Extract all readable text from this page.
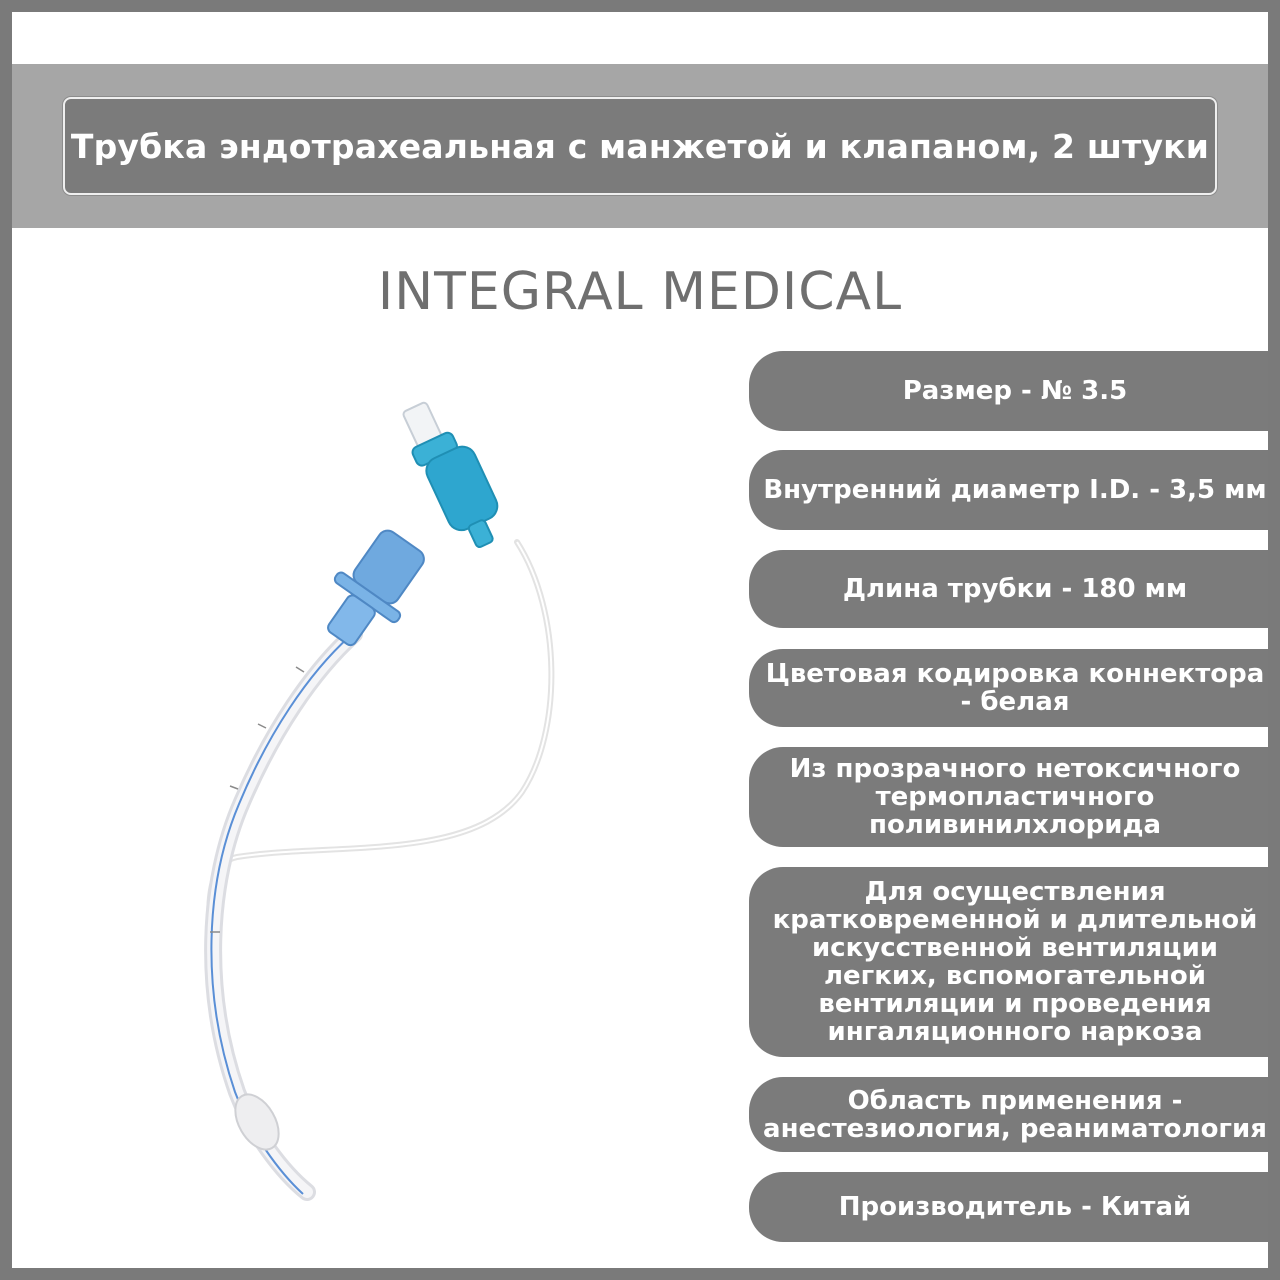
Трубка эндотрахеальная с манжетой и клапаном, 2 штуки
INTEGRAL MEDICAL
Размер - № 3.5
Внутренний диаметр I.D. - 3,5 мм
Длина трубки - 180 мм
Цветовая кодировка коннектора - белая
Из прозрачного нетоксичного термопластичного поливинилхлорида
Для осуществления кратковременной и длительной искусственной вентиляции легких, вспомогательной вентиляции и проведения ингаляционного наркоза
Область применения - анестезиология, реаниматология
Производитель - Китай
